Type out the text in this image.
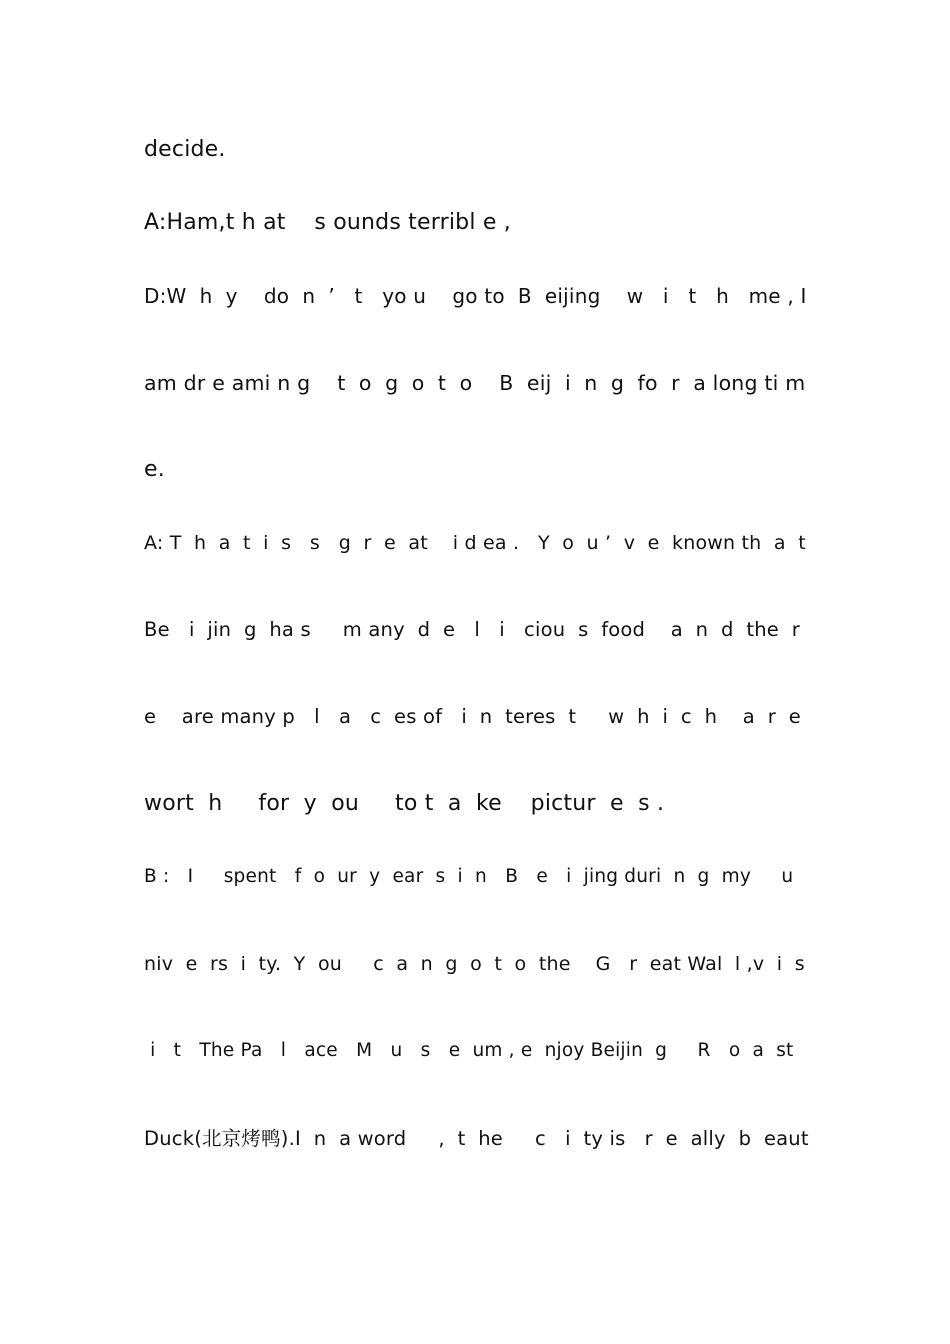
decide.
A:Ham,t h at    s ounds terribl e ,
D:W  h  y    do  n  ’   t   yo u    go to  B  eijing    w   i   t   h   me , I
am dr e ami n g    t  o  g  o  t  o    B  eij  i  n  g  fo  r  a long ti m
e.
A: T  h  a  t  i  s   s   g  r  e  at    i d ea .   Y  o  u ’  v  e  known th  a  t
Be   i  jin  g  ha s     m any  d  e   l   i   ciou  s  food    a  n  d  the  r
e    are many p   l   a   c  es of   i  n  teres  t     w  h  i  c  h    a  r  e
wort  h     for  y  ou     to t  a  ke    pictur  e  s .
B :   I     spent   f  o  ur  y  ear  s  i  n   B   e   i  jing duri  n  g  my     u
niv  e  rs  i  ty.  Y  ou     c  a  n  g  o  t  o  the    G   r  eat Wal  l ,v  i  s
i   t   The Pa   l   ace   M   u   s   e  um , e  njoy Beijin  g     R   o  a  st
Duck(北京烤鸭).I  n  a word     ,  t  he     c   i  ty is   r  e  ally  b  eaut
